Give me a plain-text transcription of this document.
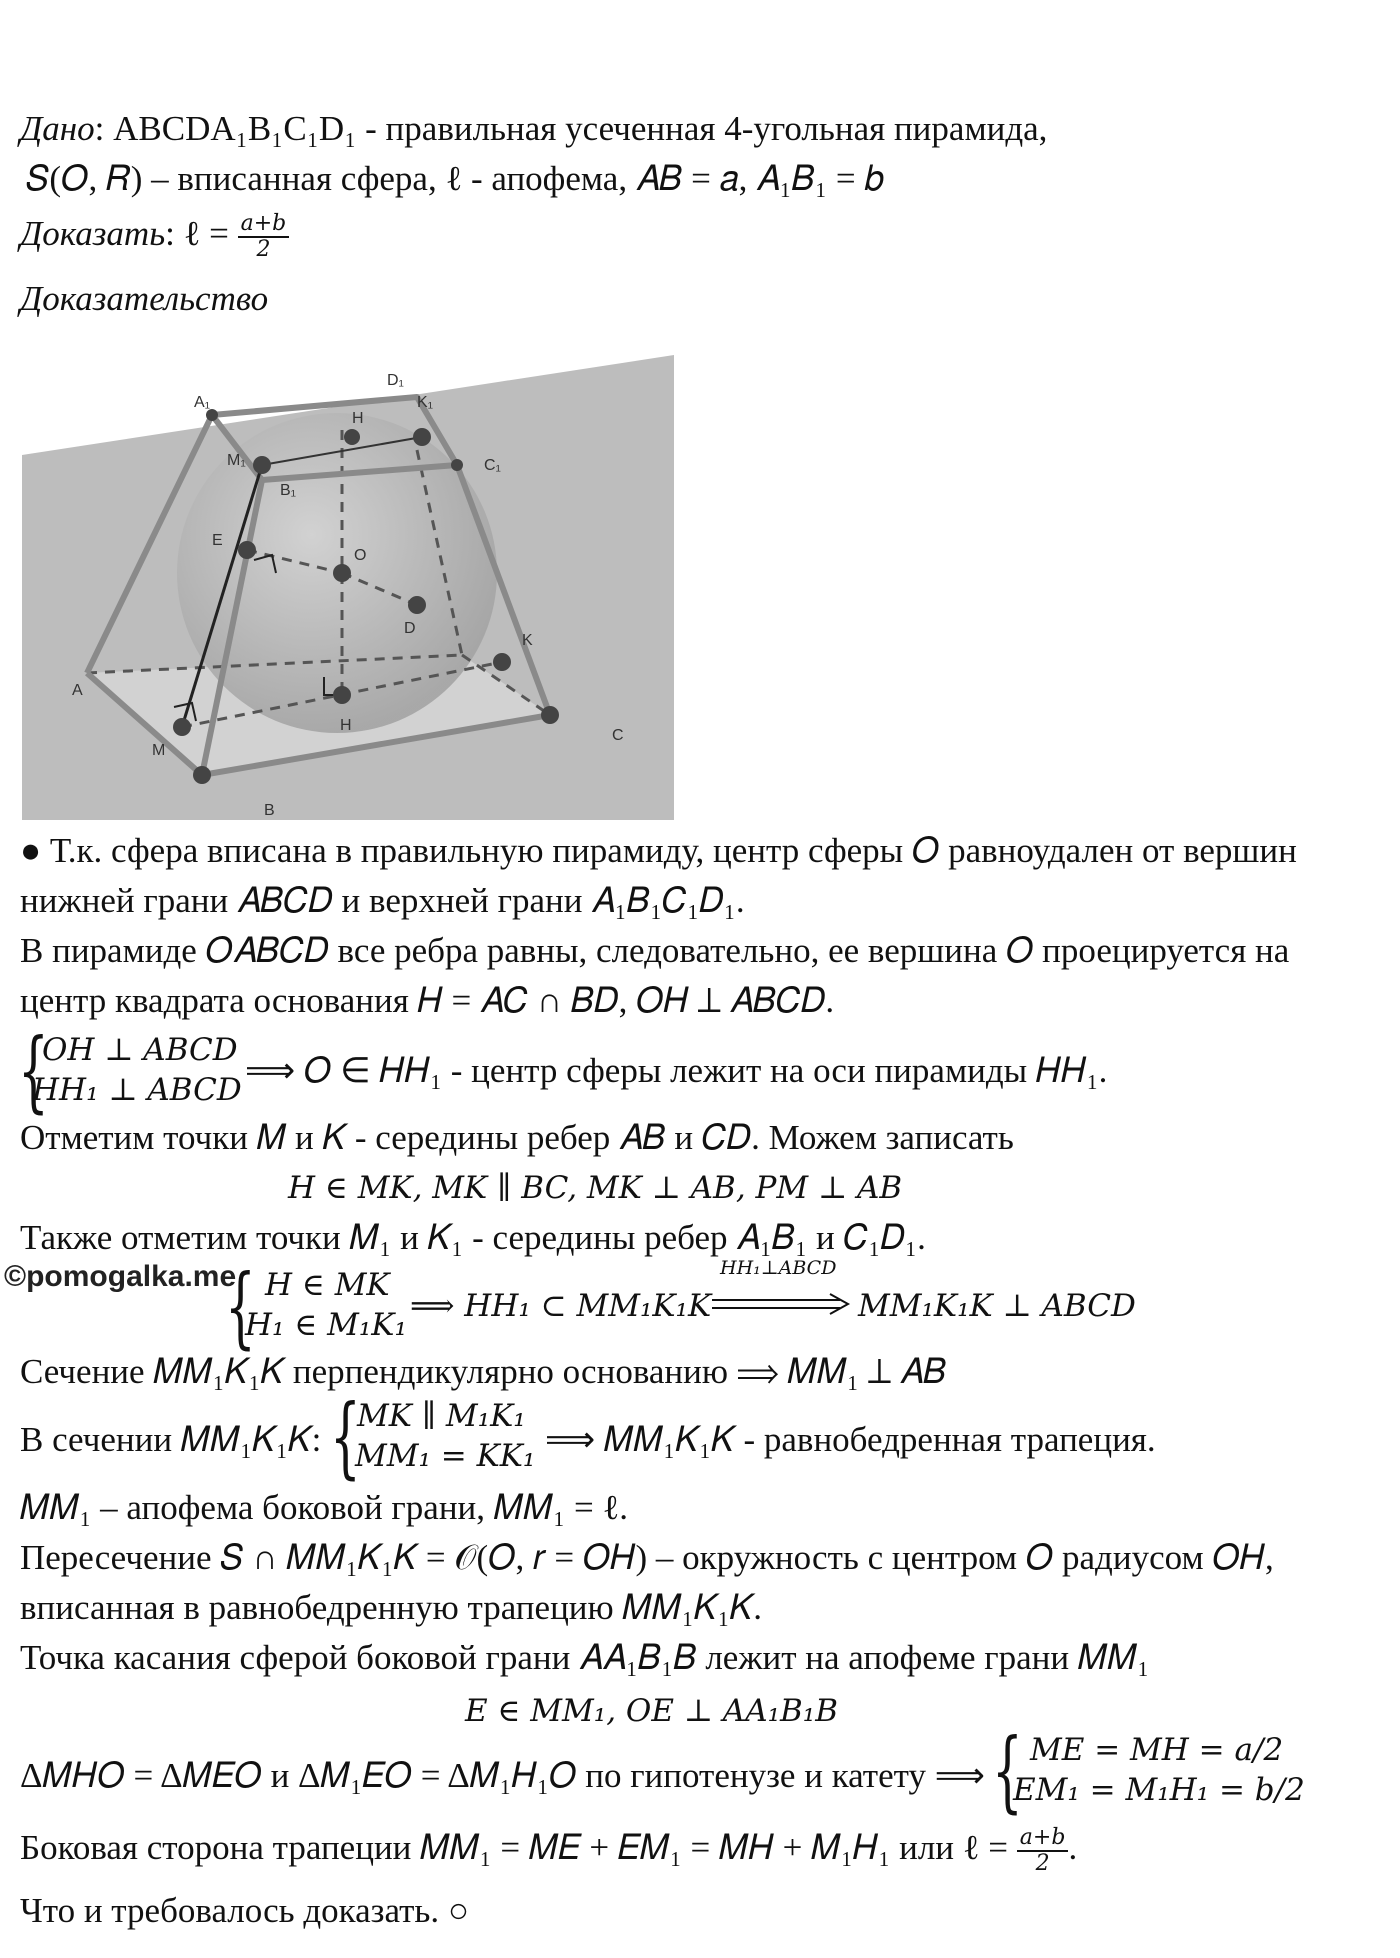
Дано: ABCDA₁B₁C₁D₁ - правильная усеченная 4-угольная пирамида,
𝑆(𝑂, 𝑅) – вписанная сфера, ℓ - апофема, 𝐴𝐵 = 𝑎, 𝐴₁𝐵₁ = 𝑏
Доказать: ℓ = $\frac{a+b}{2}$
Доказательство
A₁
D₁
K₁
H
M₁
B₁
C₁
E
O
D
K
A
H
M
B
C
● Т.к. сфера вписана в правильную пирамиду, центр сферы 𝑂 равноудален от вершин
нижней грани 𝐴𝐵𝐶𝐷 и верхней грани 𝐴₁𝐵₁𝐶₁𝐷₁.
В пирамиде 𝑂𝐴𝐵𝐶𝐷 все ребра равны, следовательно, ее вершина 𝑂 проецируется на
центр квадрата основания 𝐻 = 𝐴𝐶 ∩ 𝐵𝐷, 𝑂𝐻 ⊥ 𝐴𝐵𝐶𝐷.
{
OH ⊥ ABCD
HH₁ ⊥ ABCD ⟹ 𝑂 ∈ 𝐻𝐻₁ - центр сферы лежит на оси пирамиды 𝐻𝐻₁.
Отметим точки 𝑀 и 𝐾 - середины ребер 𝐴𝐵 и 𝐶𝐷. Можем записать
H ∈ MK, MK ∥ BC, MK ⊥ AB, PM ⊥ AB
Также отметим точки 𝑀₁ и 𝐾₁ - середины ребер 𝐴₁𝐵₁ и 𝐶₁𝐷₁.
©pomogalka.me
{ H ∈ MK
H₁ ∈ M₁K₁
⟹ HH₁ ⊂ MM₁K₁K
HH₁⊥ABCD
MM₁K₁K ⊥ ABCD
Сечение 𝑀𝑀₁𝐾₁𝐾 перпендикулярно основанию ⟹ 𝑀𝑀₁ ⊥ 𝐴𝐵
В сечении 𝑀𝑀₁𝐾₁𝐾: {
MK ∥ M₁K₁
MM₁ = KK₁ ⟹ 𝑀𝑀₁𝐾₁𝐾 - равнобедренная трапеция.
𝑀𝑀₁ – апофема боковой грани, 𝑀𝑀₁ = ℓ.
Пересечение 𝑆 ∩ 𝑀𝑀₁𝐾₁𝐾 = 𝒪(𝑂, 𝑟 = 𝑂𝐻) – окружность с центром 𝑂 радиусом 𝑂𝐻,
вписанная в равнобедренную трапецию 𝑀𝑀₁𝐾₁𝐾.
Точка касания сферой боковой грани 𝐴𝐴₁𝐵₁𝐵 лежит на апофеме грани 𝑀𝑀₁
E ∈ MM₁, OE ⊥ AA₁B₁B
Δ𝑀𝐻𝑂 = Δ𝑀𝐸𝑂 и Δ𝑀₁𝐸𝑂 = Δ𝑀₁𝐻₁𝑂 по гипотенузе и катету ⟹ { ME = MH = a/2
EM₁ = M₁H₁ = b/2
Боковая сторона трапеции 𝑀𝑀₁ = 𝑀𝐸 + 𝐸𝑀₁ = 𝑀𝐻 + 𝑀₁𝐻₁ или ℓ = $\frac{a+b}{2}$ .
Что и требовалось доказать. ○
